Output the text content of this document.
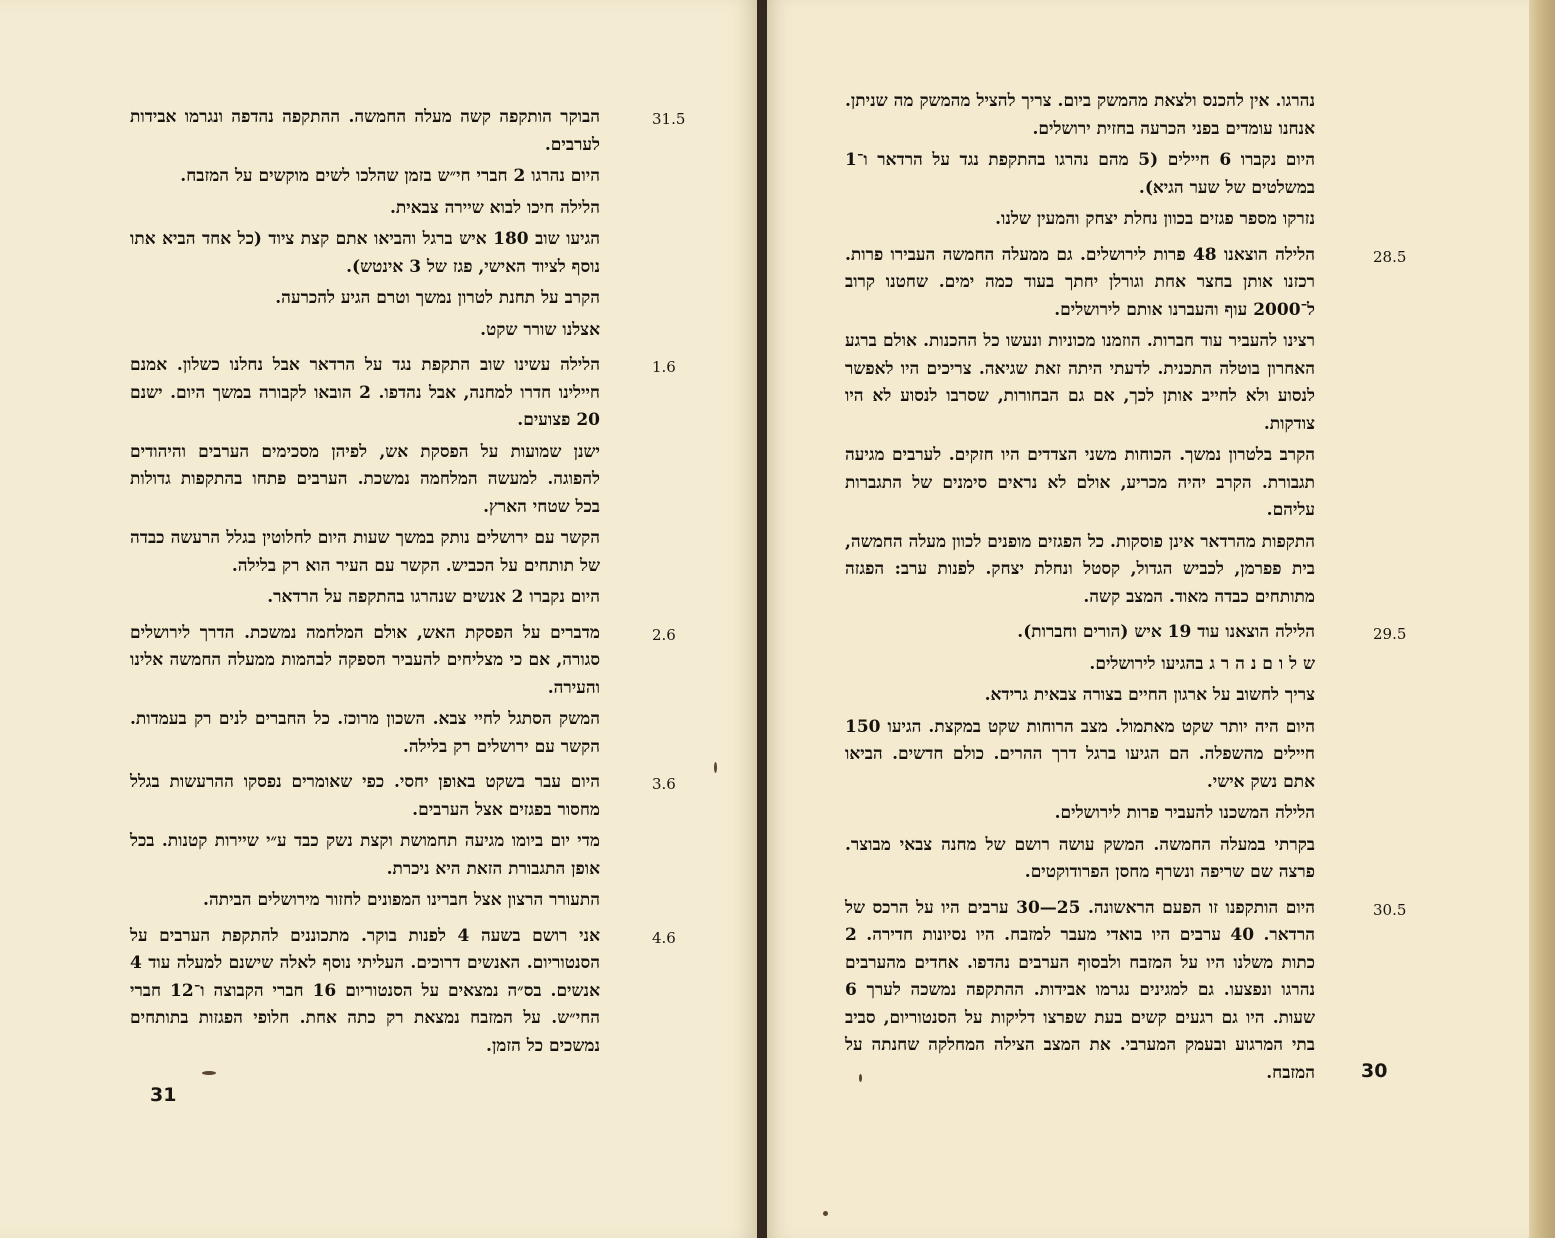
31.5

הבוקר הותקפה קשה מעלה החמשה. ההתקפה נהדפה ונגרמו אבידות לערבים.

היום נהרגו 2 חברי חי״ש בזמן שהלכו לשים מוקשים על המזבח.

הלילה חיכו לבוא שיירה צבאית.

הגיעו שוב 180 איש ברגל והביאו אתם קצת ציוד (כל אחד הביא אתו נוסף לציוד האישי, פגז של 3 אינטש).

הקרב על תחנת לטרון נמשך וטרם הגיע להכרעה.

אצלנו שורר שקט.

1.6

הלילה עשינו שוב התקפת נגד על הרדאר אבל נחלנו כשלון. אמנם חיילינו חדרו למחנה, אבל נהדפו. 2 הובאו לקבורה במשך היום. ישנם 20 פצועים.

ישנן שמועות על הפסקת אש, לפיהן מסכימים הערבים והיהודים להפוגה. למעשה המלחמה נמשכת. הערבים פתחו בהתקפות גדולות בכל שטחי הארץ.

הקשר עם ירושלים נותק במשך שעות היום לחלוטין בגלל הרעשה כבדה של תותחים על הכביש. הקשר עם העיר הוא רק בלילה.

היום נקברו 2 אנשים שנהרגו בהתקפה על הרדאר.

2.6

מדברים על הפסקת האש, אולם המלחמה נמשכת. הדרך לירושלים סגורה, אם כי מצליחים להעביר הספקה לבהמות ממעלה החמשה אלינו והעירה.

המשק הסתגל לחיי צבא. השכון מרוכז. כל החברים לנים רק בעמדות. הקשר עם ירושלים רק בלילה.

3.6

היום עבר בשקט באופן יחסי. כפי שאומרים נפסקו ההרעשות בגלל מחסור בפגזים אצל הערבים.

מדי יום ביומו מגיעה תחמושת וקצת נשק כבד ע״י שיירות קטנות. בכל אופן התגבורת הזאת היא ניכרת.

התעורר הרצון אצל חברינו המפונים לחזור מירושלים הביתה.

4.6

אני רושם בשעה 4 לפנות בוקר. מתכוננים להתקפת הערבים על הסנטוריום. האנשים דרוכים. העליתי נוסף לאלה שישנם למעלה עוד 4 אנשים. בס״ה נמצאים על הסנטוריום 16 חברי הקבוצה ו־12 חברי החי״ש. על המזבח נמצאת רק כתה אחת. חלופי הפגזות בתותחים נמשכים כל הזמן.

31

נהרגו. אין להכנס ולצאת מהמשק ביום. צריך להציל מהמשק מה שניתן. אנחנו עומדים בפני הכרעה בחזית ירושלים.

היום נקברו 6 חיילים (5 מהם נהרגו בהתקפת נגד על הרדאר ו־1 במשלטים של שער הגיא).

נזרקו מספר פגזים בכוון נחלת יצחק והמעין שלנו.

28.5

הלילה הוצאנו 48 פרות לירושלים. גם ממעלה החמשה העבירו פרות. רכזנו אותן בחצר אחת וגורלן יחתך בעוד כמה ימים. שחטנו קרוב ל־2000 עוף והעברנו אותם לירושלים.

רצינו להעביר עוד חברות. הוזמנו מכוניות ונעשו כל ההכנות. אולם ברגע האחרון בוטלה התכנית. לדעתי היתה זאת שגיאה. צריכים היו לאפשר לנסוע ולא לחייב אותן לכך, אם גם הבחורות, שסרבו לנסוע לא היו צודקות.

הקרב בלטרון נמשך. הכוחות משני הצדדים היו חזקים. לערבים מגיעה תגבורת. הקרב יהיה מכריע, אולם לא נראים סימנים של התגברות עליהם.

התקפות מהרדאר אינן פוסקות. כל הפגזים מופנים לכוון מעלה החמשה, בית פפרמן, לכביש הגדול, קסטל ונחלת יצחק. לפנות ערב: הפגזה מתותחים כבדה מאוד. המצב קשה.

29.5

הלילה הוצאנו עוד 19 איש (הורים וחברות).

ש ל ו ם נ ה ר ג בהגיעו לירושלים.

צריך לחשוב על ארגון החיים בצורה צבאית גרידא.

היום היה יותר שקט מאתמול. מצב הרוחות שקט במקצת. הגיעו 150 חיילים מהשפלה. הם הגיעו ברגל דרך ההרים. כולם חדשים. הביאו אתם נשק אישי.

הלילה המשכנו להעביר פרות לירושלים.

בקרתי במעלה החמשה. המשק עושה רושם של מחנה צבאי מבוצר. פרצה שם שריפה ונשרף מחסן הפרודוקטים.

30.5

היום הותקפנו זו הפעם הראשונה. 25—30 ערבים היו על הרכס של הרדאר. 40 ערבים היו בואדי מעבר למזבח. היו נסיונות חדירה. 2 כתות משלנו היו על המזבח ולבסוף הערבים נהדפו. אחדים מהערבים נהרגו ונפצעו. גם למגינים נגרמו אבידות. ההתקפה נמשכה לערך 6 שעות. היו גם רגעים קשים בעת שפרצו דליקות על הסנטוריום, סביב בתי המרגוע ובעמק המערבי. את המצב הצילה המחלקה שחנתה על המזבח. 30
